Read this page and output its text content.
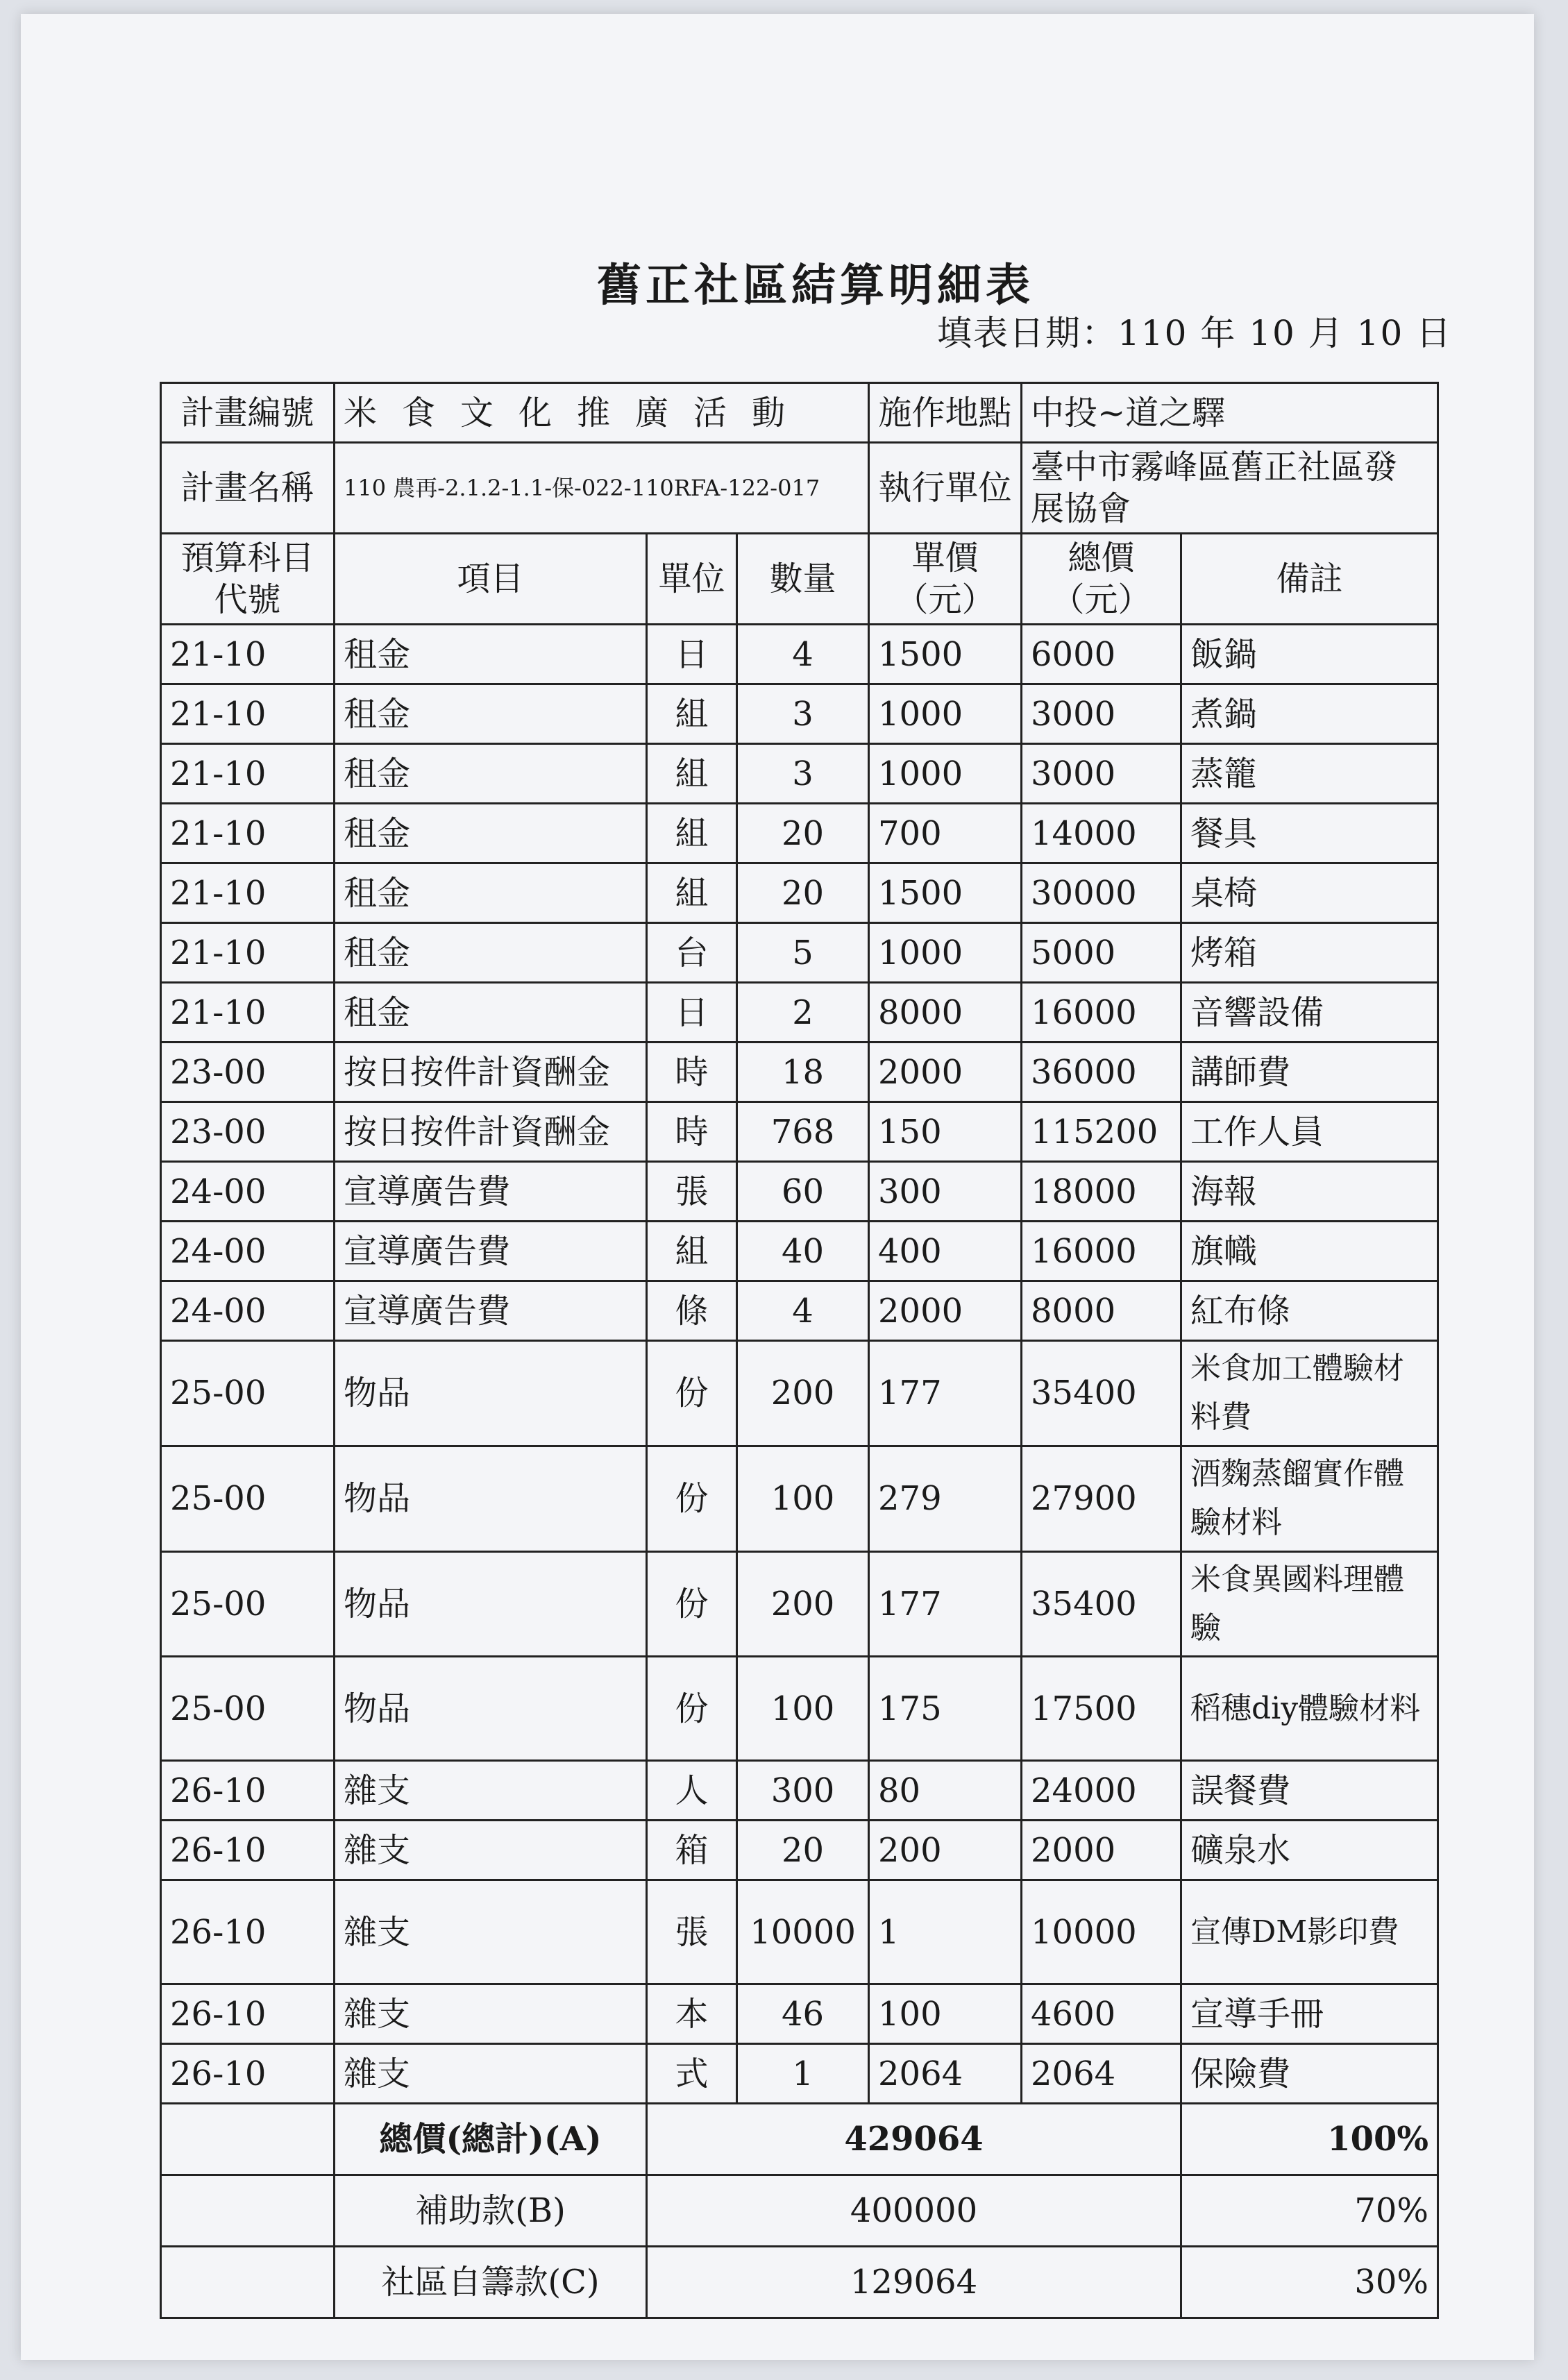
舊正社區結算明細表
填表日期：110 年 10 月 10 日
計畫編號	米食文化推廣活動			施作地點	中投~道之驛	
計畫名稱	110 農再-2.1.2-1.1-保-022-110RFA-122-017			執行單位	臺中市霧峰區舊正社區發展協會	
預算科目代號	項目	單位	數量	單價（元）	總價（元）	備註
21-10	租金	日	4	1500	6000	飯鍋
21-10	租金	組	3	1000	3000	煮鍋
21-10	租金	組	3	1000	3000	蒸籠
21-10	租金	組	20	700	14000	餐具
21-10	租金	組	20	1500	30000	桌椅
21-10	租金	台	5	1000	5000	烤箱
21-10	租金	日	2	8000	16000	音響設備
23-00	按日按件計資酬金	時	18	2000	36000	講師費
23-00	按日按件計資酬金	時	768	150	115200	工作人員
24-00	宣導廣告費	張	60	300	18000	海報
24-00	宣導廣告費	組	40	400	16000	旗幟
24-00	宣導廣告費	條	4	2000	8000	紅布條
25-00	物品	份	200	177	35400	米食加工體驗材料費
25-00	物品	份	100	279	27900	酒麴蒸餾實作體驗材料
25-00	物品	份	200	177	35400	米食異國料理體驗
25-00	物品	份	100	175	17500	稻穗diy體驗材料
26-10	雜支	人	300	80	24000	誤餐費
26-10	雜支	箱	20	200	2000	礦泉水
26-10	雜支	張	10000	1	10000	宣傳DM影印費
26-10	雜支	本	46	100	4600	宣導手冊
26-10	雜支	式	1	2064	2064	保險費
	總價(總計)(A)	429064				100%
	補助款(B)	400000				70%
	社區自籌款(C)	129064				30%
